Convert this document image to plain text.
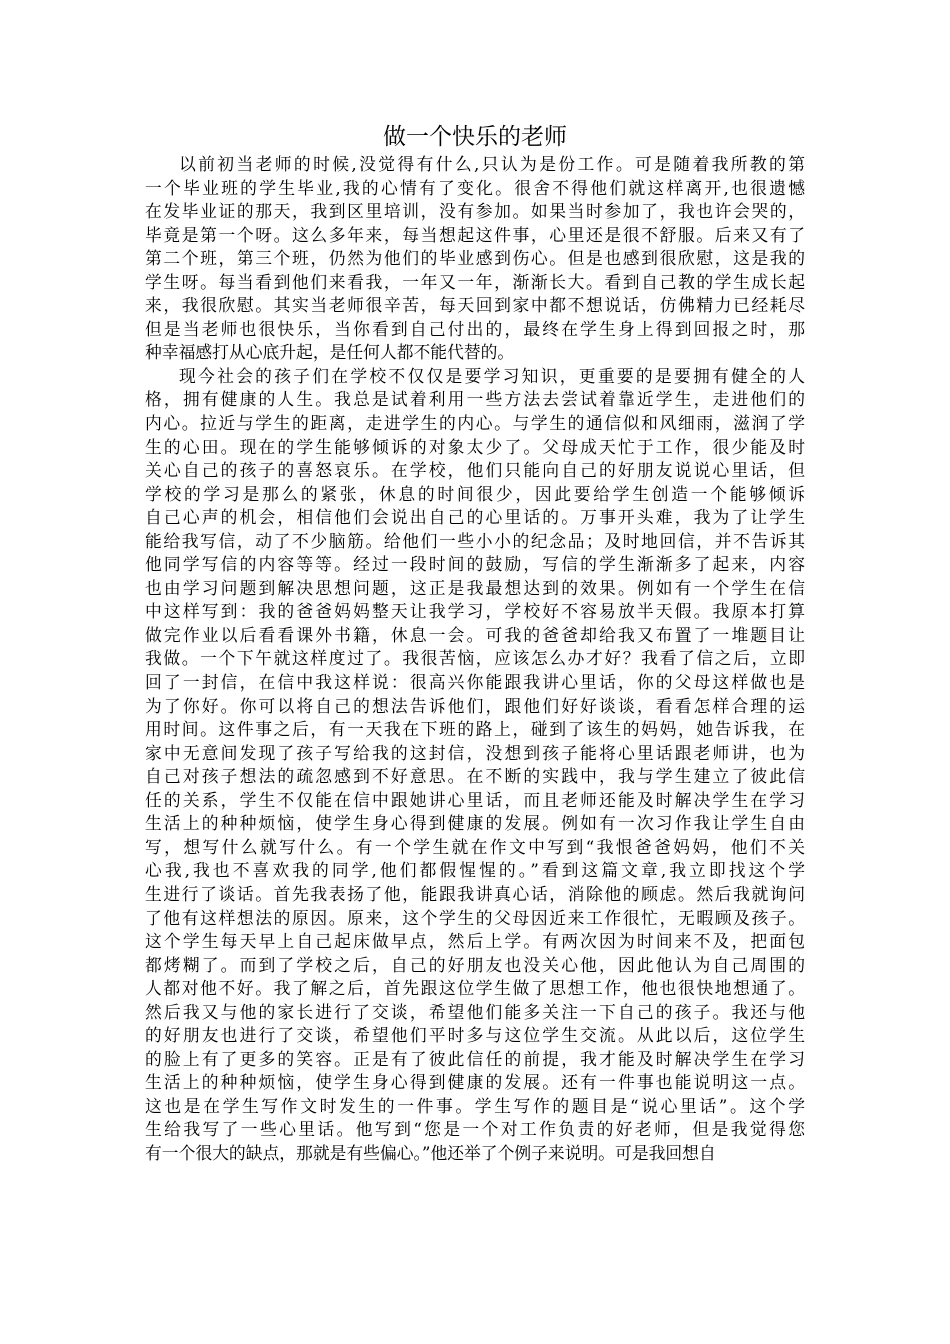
做一个快乐的老师
以前初当老师的时候,没觉得有什么,只认为是份工作。可是随着我所教的第
一个毕业班的学生毕业,我的心情有了变化。很舍不得他们就这样离开,也很遗憾
在发毕业证的那天，我到区里培训，没有参加。如果当时参加了，我也许会哭的，
毕竟是第一个呀。这么多年来，每当想起这件事，心里还是很不舒服。后来又有了
第二个班，第三个班，仍然为他们的毕业感到伤心。但是也感到很欣慰，这是我的
学生呀。每当看到他们来看我，一年又一年，渐渐长大。看到自己教的学生成长起
来，我很欣慰。其实当老师很辛苦，每天回到家中都不想说话，仿佛精力已经耗尽
但是当老师也很快乐，当你看到自己付出的，最终在学生身上得到回报之时，那
种幸福感打从心底升起，是任何人都不能代替的。
现今社会的孩子们在学校不仅仅是要学习知识，更重要的是要拥有健全的人
格，拥有健康的人生。我总是试着利用一些方法去尝试着靠近学生，走进他们的
内心。拉近与学生的距离，走进学生的内心。与学生的通信似和风细雨，滋润了学
生的心田。现在的学生能够倾诉的对象太少了。父母成天忙于工作，很少能及时
关心自己的孩子的喜怒哀乐。在学校，他们只能向自己的好朋友说说心里话，但
学校的学习是那么的紧张，休息的时间很少，因此要给学生创造一个能够倾诉
自己心声的机会，相信他们会说出自己的心里话的。万事开头难，我为了让学生
能给我写信，动了不少脑筋。给他们一些小小的纪念品；及时地回信，并不告诉其
他同学写信的内容等等。经过一段时间的鼓励，写信的学生渐渐多了起来，内容
也由学习问题到解决思想问题，这正是我最想达到的效果。例如有一个学生在信
中这样写到：我的爸爸妈妈整天让我学习，学校好不容易放半天假。我原本打算
做完作业以后看看课外书籍，休息一会。可我的爸爸却给我又布置了一堆题目让
我做。一个下午就这样度过了。我很苦恼，应该怎么办才好？我看了信之后，立即
回了一封信，在信中我这样说：很高兴你能跟我讲心里话，你的父母这样做也是
为了你好。你可以将自己的想法告诉他们，跟他们好好谈谈，看看怎样合理的运
用时间。这件事之后，有一天我在下班的路上，碰到了该生的妈妈，她告诉我，在
家中无意间发现了孩子写给我的这封信，没想到孩子能将心里话跟老师讲，也为
自己对孩子想法的疏忽感到不好意思。在不断的实践中，我与学生建立了彼此信
任的关系，学生不仅能在信中跟她讲心里话，而且老师还能及时解决学生在学习
生活上的种种烦恼，使学生身心得到健康的发展。例如有一次习作我让学生自由
写，想写什么就写什么。有一个学生就在作文中写到“我恨爸爸妈妈，他们不关
心我,我也不喜欢我的同学,他们都假惺惺的。”看到这篇文章,我立即找这个学
生进行了谈话。首先我表扬了他，能跟我讲真心话，消除他的顾虑。然后我就询问
了他有这样想法的原因。原来，这个学生的父母因近来工作很忙，无暇顾及孩子。
这个学生每天早上自己起床做早点，然后上学。有两次因为时间来不及，把面包
都烤糊了。而到了学校之后，自己的好朋友也没关心他，因此他认为自己周围的
人都对他不好。我了解之后，首先跟这位学生做了思想工作，他也很快地想通了。
然后我又与他的家长进行了交谈，希望他们能多关注一下自己的孩子。我还与他
的好朋友也进行了交谈，希望他们平时多与这位学生交流。从此以后，这位学生
的脸上有了更多的笑容。正是有了彼此信任的前提，我才能及时解决学生在学习
生活上的种种烦恼，使学生身心得到健康的发展。还有一件事也能说明这一点。
这也是在学生写作文时发生的一件事。学生写作的题目是“说心里话”。这个学
生给我写了一些心里话。他写到“您是一个对工作负责的好老师，但是我觉得您
有一个很大的缺点，那就是有些偏心。”他还举了个例子来说明。可是我回想自
